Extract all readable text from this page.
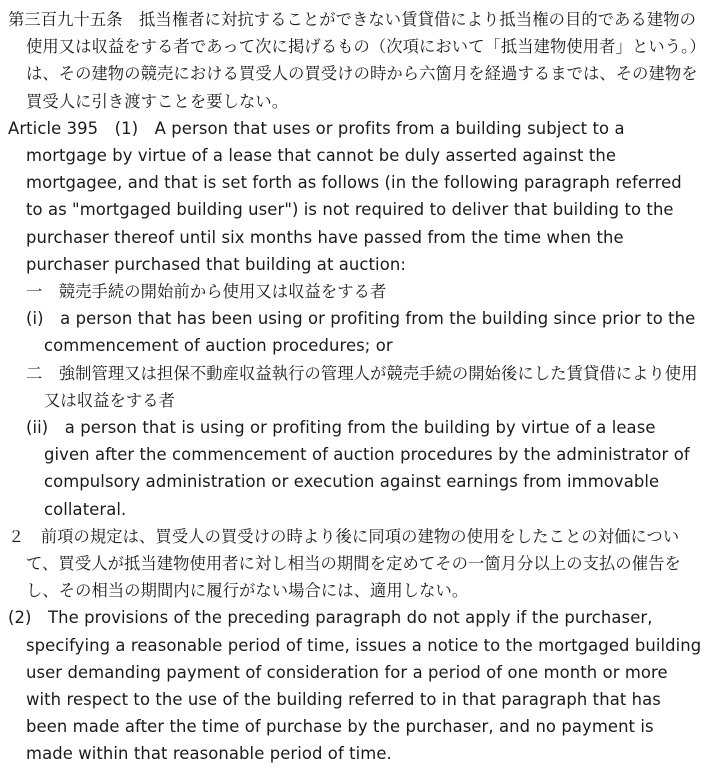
第三百九十五条　抵当権者に対抗することができない賃貸借により抵当権の目的である建物の使用又は収益をする者であって次に掲げるもの（次項において「抵当建物使用者」という。）は、その建物の競売における買受人の買受けの時から六箇月を経過するまでは、その建物を買受人に引き渡すことを要しない。

Article 395　(1)　A person that uses or profits from a building subject to a mortgage by virtue of a lease that cannot be duly asserted against the mortgagee, and that is set forth as follows (in the following paragraph referred to as "mortgaged building user") is not required to deliver that building to the purchaser thereof until six months have passed from the time when the purchaser purchased that building at auction:

一　競売手続の開始前から使用又は収益をする者

(i)　a person that has been using or profiting from the building since prior to the commencement of auction procedures; or

二　強制管理又は担保不動産収益執行の管理人が競売手続の開始後にした賃貸借により使用又は収益をする者

(ii)　a person that is using or profiting from the building by virtue of a lease given after the commencement of auction procedures by the administrator of compulsory administration or execution against earnings from immovable collateral.

２　前項の規定は、買受人の買受けの時より後に同項の建物の使用をしたことの対価について、買受人が抵当建物使用者に対し相当の期間を定めてその一箇月分以上の支払の催告をし、その相当の期間内に履行がない場合には、適用しない。

(2)　The provisions of the preceding paragraph do not apply if the purchaser, specifying a reasonable period of time, issues a notice to the mortgaged building user demanding payment of consideration for a period of one month or more with respect to the use of the building referred to in that paragraph that has been made after the time of purchase by the purchaser, and no payment is made within that reasonable period of time.
